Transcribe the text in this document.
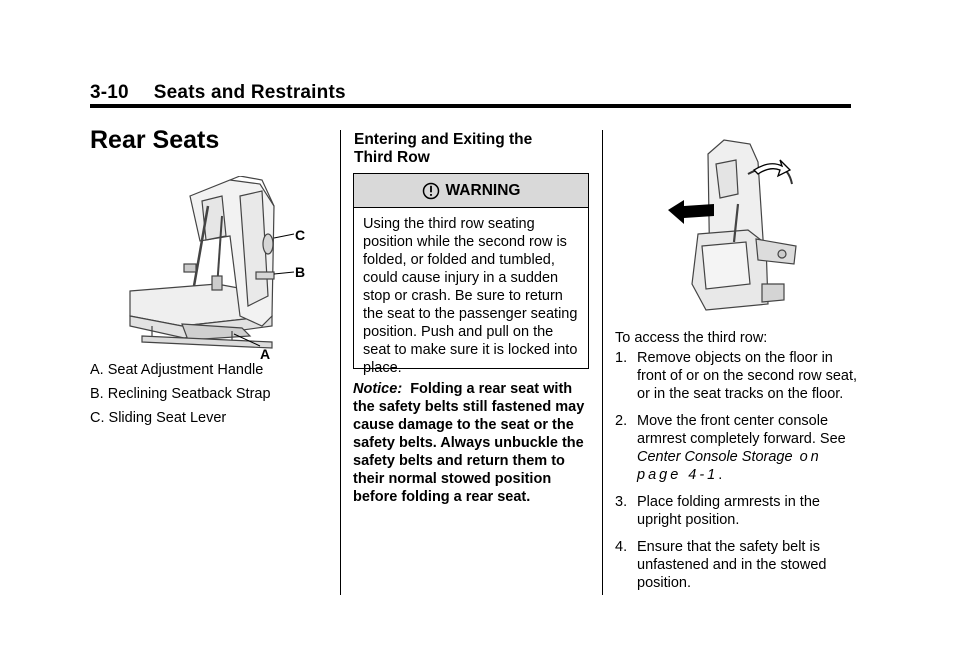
3-10 Seats and Restraints
Rear Seats
C
B
A
A. Seat Adjustment Handle
B. Reclining Seatback Strap
C. Sliding Seat Lever
Entering and Exiting the Third Row
WARNING
Using the third row seating position while the second row is folded, or folded and tumbled, could cause injury in a sudden stop or crash. Be sure to return the seat to the passenger seating position. Push and pull on the seat to make sure it is locked into place.
Notice: Folding a rear seat with the safety belts still fastened may cause damage to the seat or the safety belts. Always unbuckle the safety belts and return them to their normal stowed position before folding a rear seat.
To access the third row:
1. Remove objects on the floor in front of or on the second row seat, or in the seat tracks on the floor.
2. Move the front center console armrest completely forward. See Center Console Storage on page 4-1.
3. Place folding armrests in the upright position.
4. Ensure that the safety belt is unfastened and in the stowed position.
